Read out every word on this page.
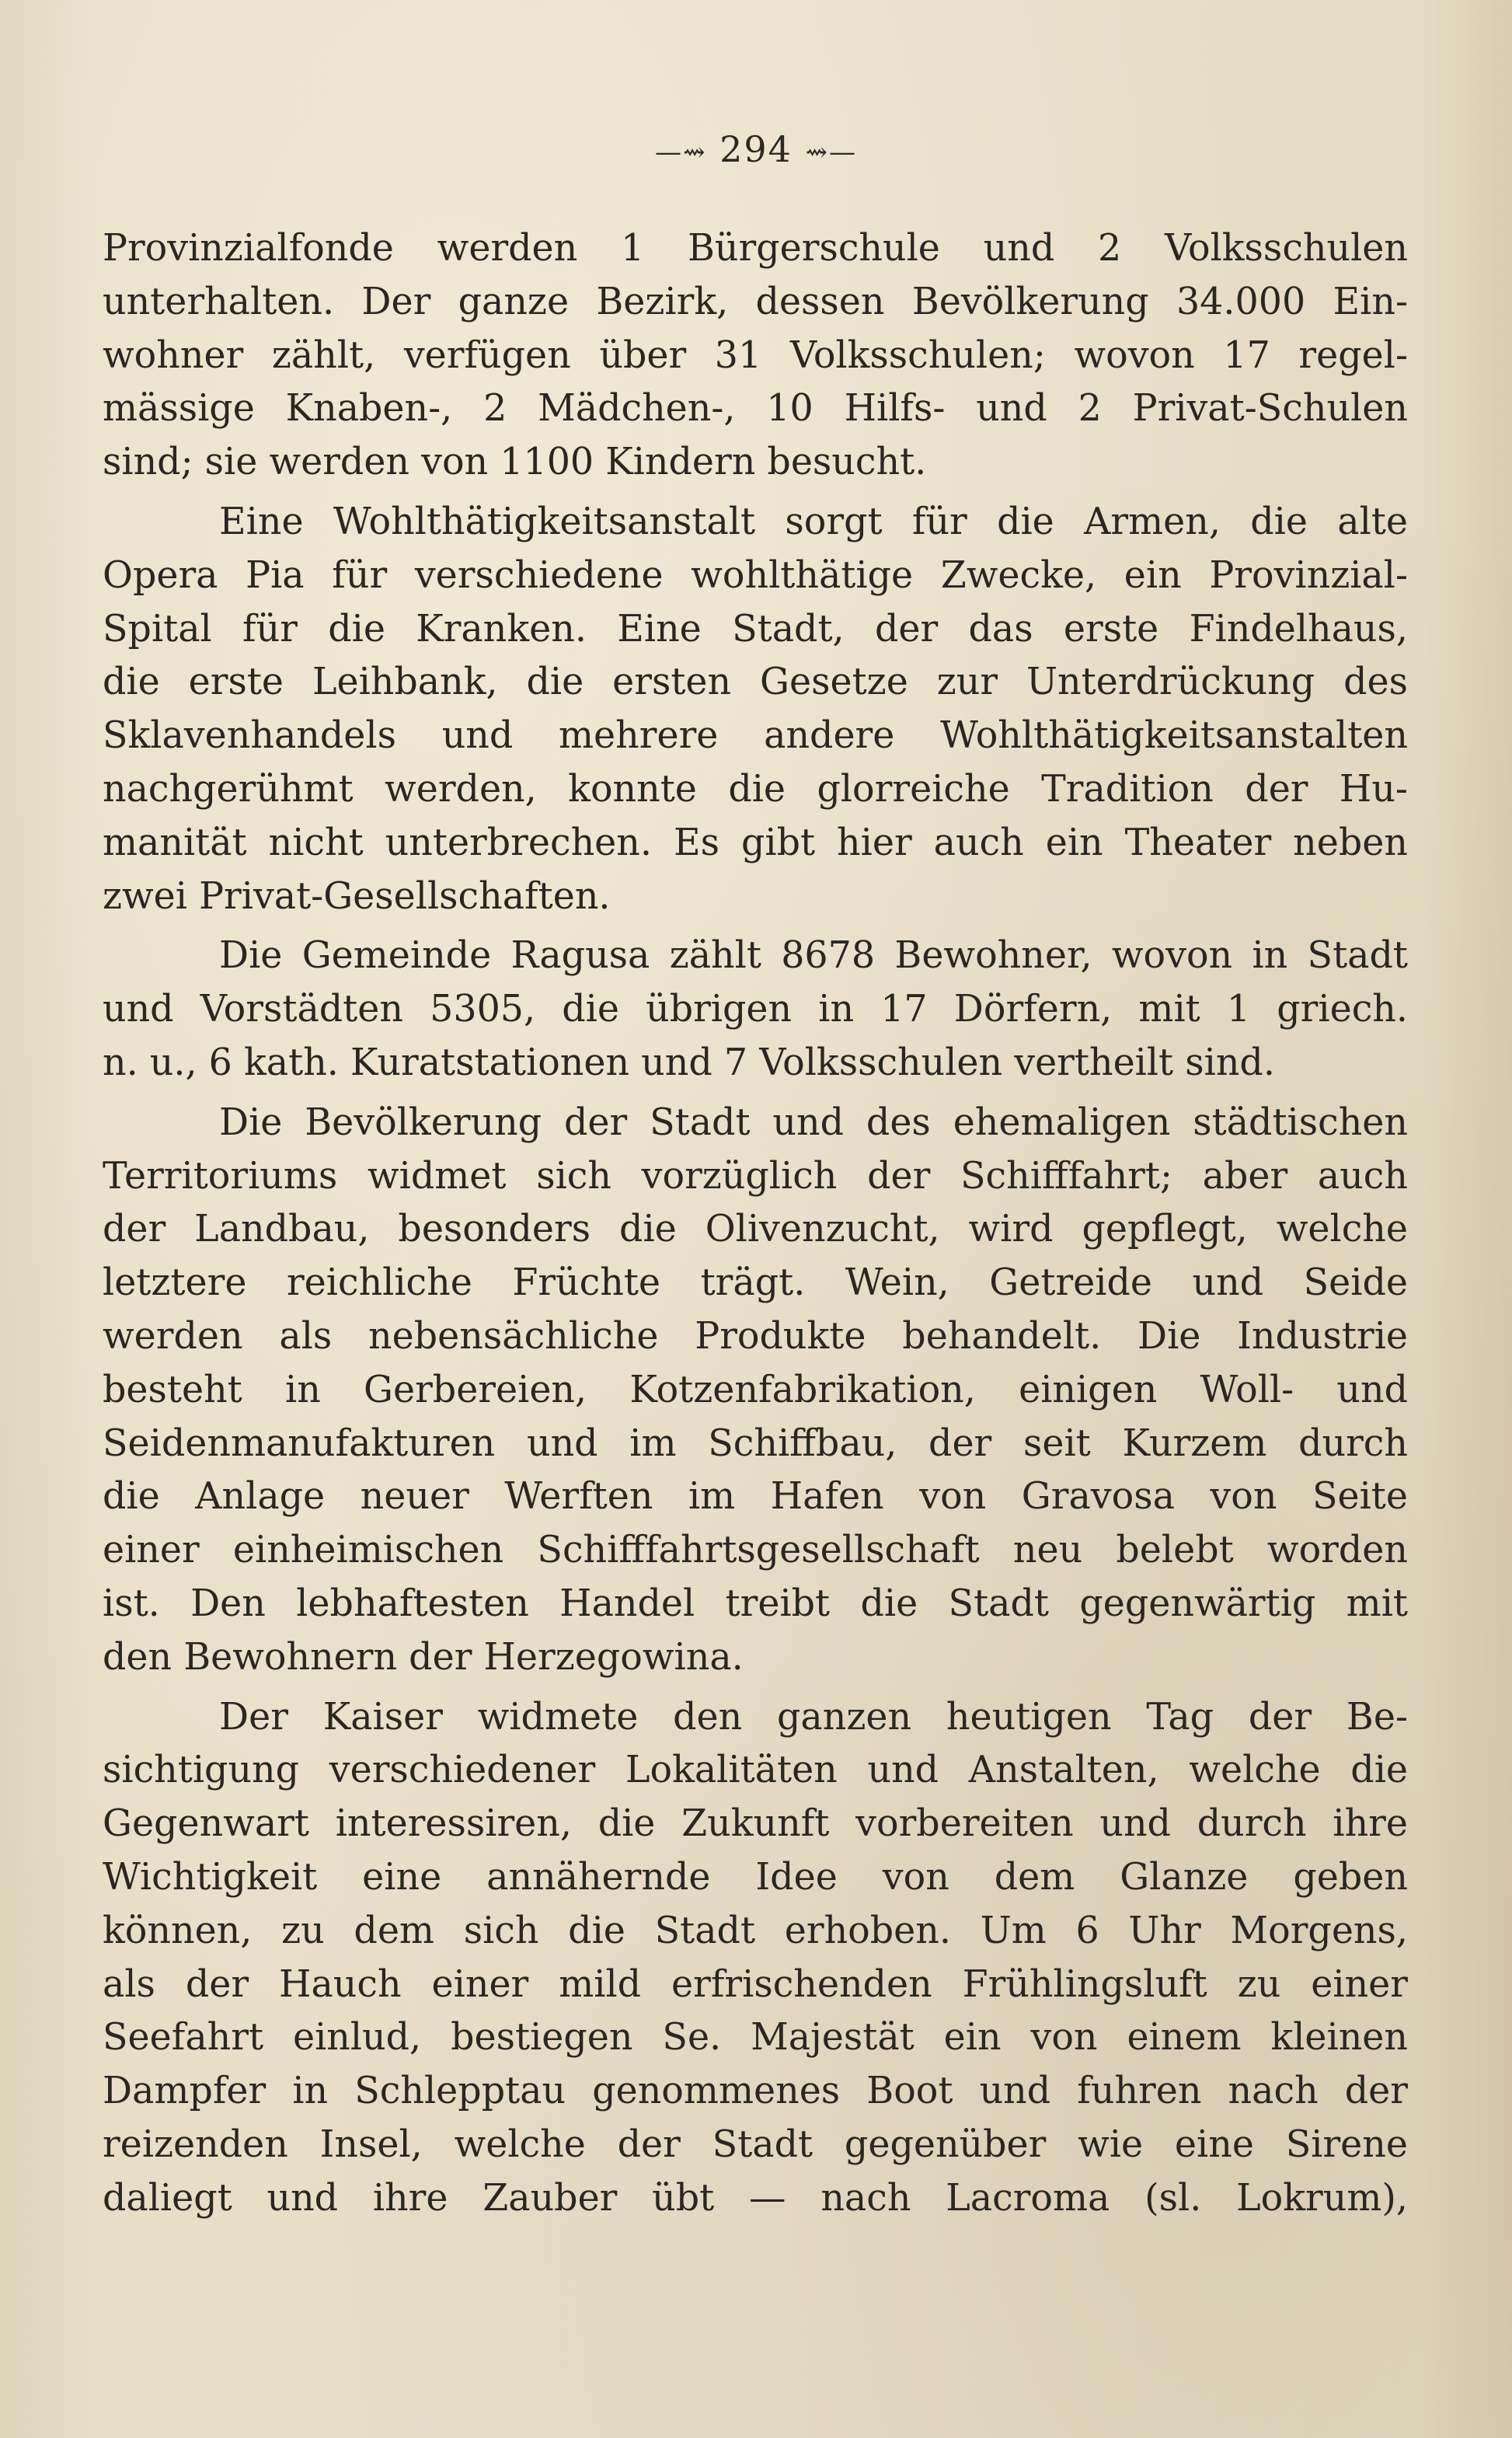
—⇝ 294 ⇝—
Provinzialfonde werden 1 Bürgerschule und 2 Volksschulen
unterhalten. Der ganze Bezirk, dessen Bevölkerung 34.000 Ein-
wohner zählt, verfügen über 31 Volksschulen; wovon 17 regel-
mässige Knaben-, 2 Mädchen-, 10 Hilfs- und 2 Privat-Schulen
sind; sie werden von 1100 Kindern besucht.
Eine Wohlthätigkeitsanstalt sorgt für die Armen, die alte
Opera Pia für verschiedene wohlthätige Zwecke, ein Provinzial-
Spital für die Kranken. Eine Stadt, der das erste Findelhaus,
die erste Leihbank, die ersten Gesetze zur Unterdrückung des
Sklavenhandels und mehrere andere Wohlthätigkeitsanstalten
nachgerühmt werden, konnte die glorreiche Tradition der Hu-
manität nicht unterbrechen. Es gibt hier auch ein Theater neben
zwei Privat-Gesellschaften.
Die Gemeinde Ragusa zählt 8678 Bewohner, wovon in Stadt
und Vorstädten 5305, die übrigen in 17 Dörfern, mit 1 griech.
n. u., 6 kath. Kuratstationen und 7 Volksschulen vertheilt sind.
Die Bevölkerung der Stadt und des ehemaligen städtischen
Territoriums widmet sich vorzüglich der Schifffahrt; aber auch
der Landbau, besonders die Olivenzucht, wird gepflegt, welche
letztere reichliche Früchte trägt. Wein, Getreide und Seide
werden als nebensächliche Produkte behandelt. Die Industrie
besteht in Gerbereien, Kotzenfabrikation, einigen Woll- und
Seidenmanufakturen und im Schiffbau, der seit Kurzem durch
die Anlage neuer Werften im Hafen von Gravosa von Seite
einer einheimischen Schifffahrtsgesellschaft neu belebt worden
ist. Den lebhaftesten Handel treibt die Stadt gegenwärtig mit
den Bewohnern der Herzegowina.
Der Kaiser widmete den ganzen heutigen Tag der Be-
sichtigung verschiedener Lokalitäten und Anstalten, welche die
Gegenwart interessiren, die Zukunft vorbereiten und durch ihre
Wichtigkeit eine annähernde Idee von dem Glanze geben
können, zu dem sich die Stadt erhoben. Um 6 Uhr Morgens,
als der Hauch einer mild erfrischenden Frühlingsluft zu einer
Seefahrt einlud, bestiegen Se. Majestät ein von einem kleinen
Dampfer in Schlepptau genommenes Boot und fuhren nach der
reizenden Insel, welche der Stadt gegenüber wie eine Sirene
daliegt und ihre Zauber übt — nach Lacroma (sl. Lokrum),
